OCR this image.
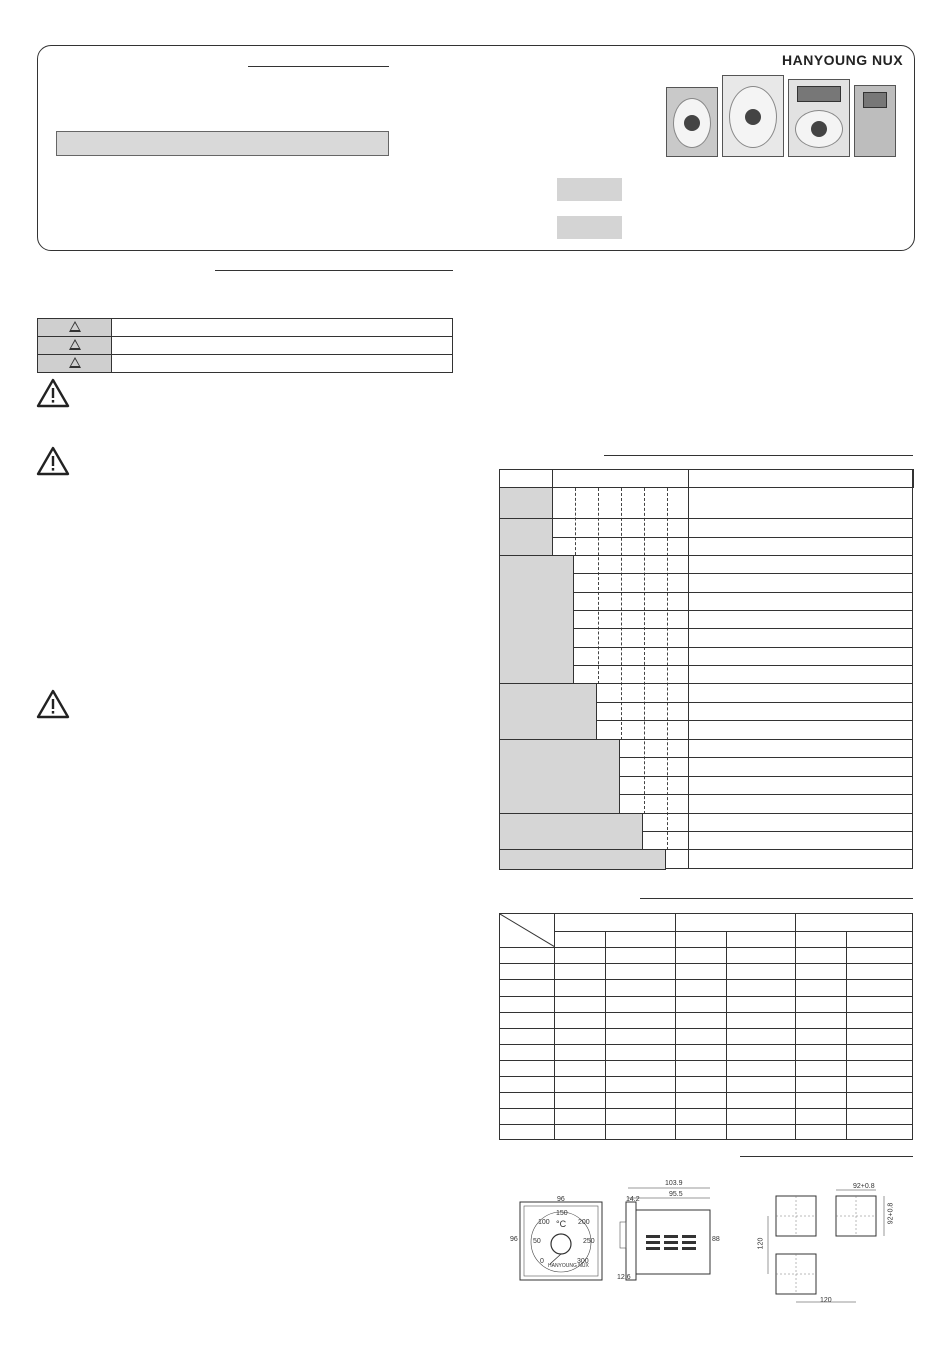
HANYOUNG NUX

°C
0
50
100
150
200
250
300
HANYOUNG NUX
96
96
103.9
95.5
14.2
88
12.6
120
120
92+0.8
92+0.8
